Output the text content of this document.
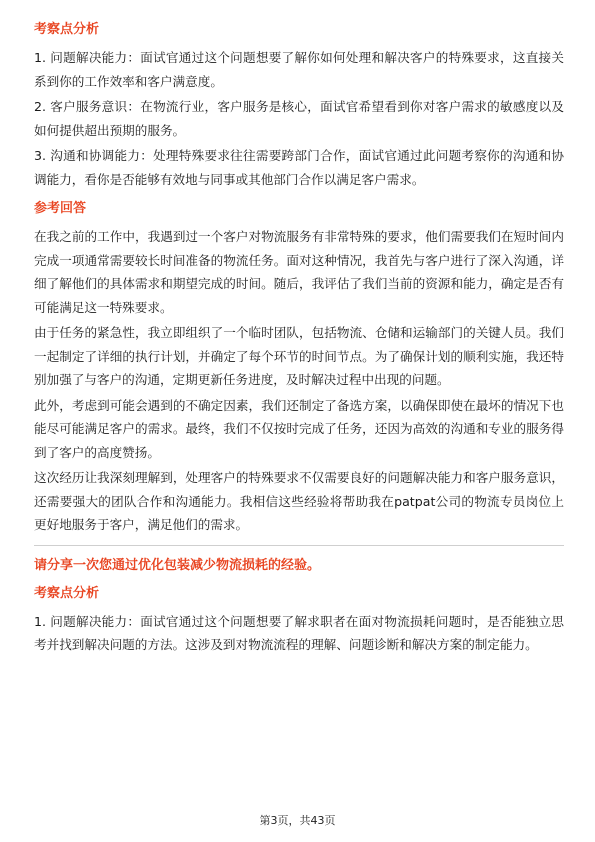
考察点分析

1. 问题解决能力：面试官通过这个问题想要了解你如何处理和解决客户的特殊要求，这直接关系到你的工作效率和客户满意度。

2. 客户服务意识：在物流行业，客户服务是核心，面试官希望看到你对客户需求的敏感度以及如何提供超出预期的服务。

3. 沟通和协调能力：处理特殊要求往往需要跨部门合作，面试官通过此问题考察你的沟通和协调能力，看你是否能够有效地与同事或其他部门合作以满足客户需求。

参考回答

在我之前的工作中，我遇到过一个客户对物流服务有非常特殊的要求，他们需要我们在短时间内完成一项通常需要较长时间准备的物流任务。面对这种情况，我首先与客户进行了深入沟通，详细了解他们的具体需求和期望完成的时间。随后，我评估了我们当前的资源和能力，确定是否有可能满足这一特殊要求。

由于任务的紧急性，我立即组织了一个临时团队，包括物流、仓储和运输部门的关键人员。我们一起制定了详细的执行计划，并确定了每个环节的时间节点。为了确保计划的顺利实施，我还特别加强了与客户的沟通，定期更新任务进度，及时解决过程中出现的问题。

此外，考虑到可能会遇到的不确定因素，我们还制定了备选方案，以确保即使在最坏的情况下也能尽可能满足客户的需求。最终，我们不仅按时完成了任务，还因为高效的沟通和专业的服务得到了客户的高度赞扬。

这次经历让我深刻理解到，处理客户的特殊要求不仅需要良好的问题解决能力和客户服务意识，还需要强大的团队合作和沟通能力。我相信这些经验将帮助我在patpat公司的物流专员岗位上更好地服务于客户，满足他们的需求。

请分享一次您通过优化包装减少物流损耗的经验。
考察点分析

1. 问题解决能力：面试官通过这个问题想要了解求职者在面对物流损耗问题时，是否能独立思考并找到解决问题的方法。这涉及到对物流流程的理解、问题诊断和解决方案的制定能力。

第3页，共43页
